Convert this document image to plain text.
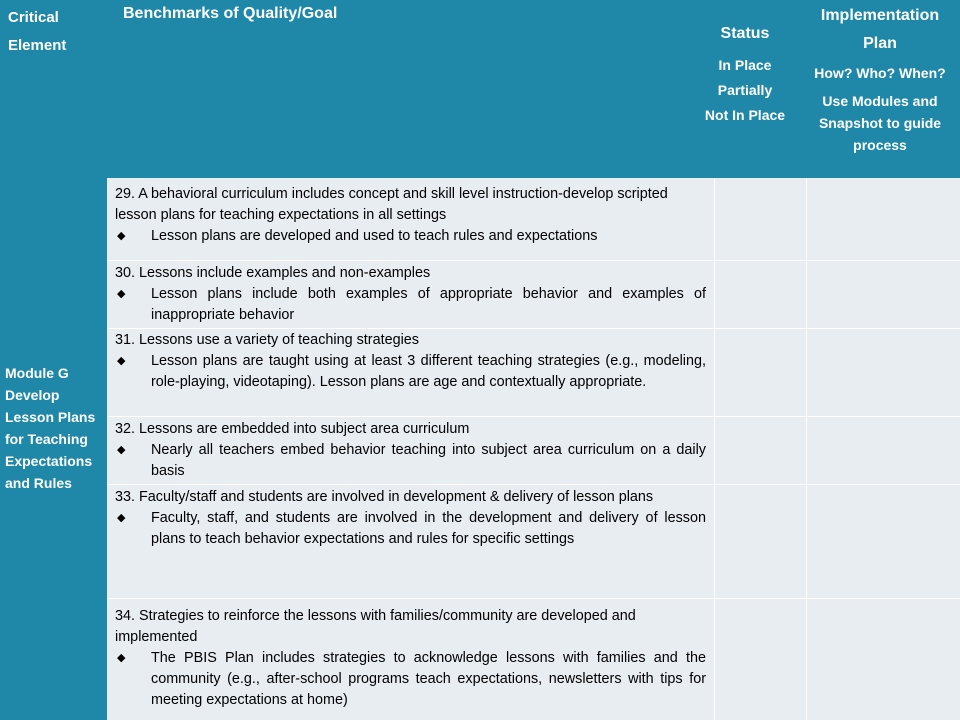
Critical Element
Benchmarks of Quality/Goal
Status
In Place
Partially
Not In Place
Implementation Plan
How? Who? When?
Use Modules and Snapshot to guide process
Module G
Develop
Lesson Plans
for Teaching
Expectations
and Rules
29. A behavioral curriculum includes concept and skill level instruction-develop scripted lesson plans for teaching expectations in all settings
◆ Lesson plans are developed and used to teach rules and expectations
30. Lessons include examples and non-examples
◆ Lesson plans include both examples of appropriate behavior and examples of inappropriate behavior
31. Lessons use a variety of teaching strategies
◆ Lesson plans are taught using at least 3 different teaching strategies (e.g., modeling, role-playing, videotaping). Lesson plans are age and contextually appropriate.
32. Lessons are embedded into subject area curriculum
◆ Nearly all teachers embed behavior teaching into subject area curriculum on a daily basis
33. Faculty/staff and students are involved in development & delivery of lesson plans
◆ Faculty, staff, and students are involved in the development and delivery of lesson plans to teach behavior expectations and rules for specific settings
34. Strategies to reinforce the lessons with families/community are developed and implemented
◆ The PBIS Plan includes strategies to acknowledge lessons with families and the community (e.g., after-school programs teach expectations, newsletters with tips for meeting expectations at home)
